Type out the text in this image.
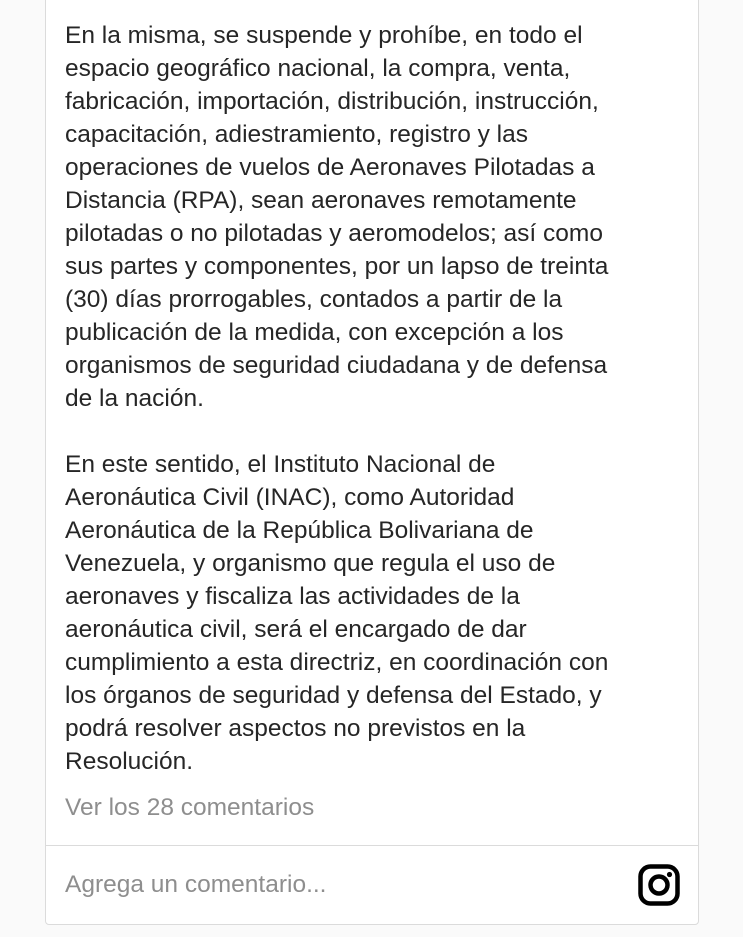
En la misma, se suspende y prohíbe, en todo el
espacio geográfico nacional, la compra, venta,
fabricación, importación, distribución, instrucción,
capacitación, adiestramiento, registro y las
operaciones de vuelos de Aeronaves Pilotadas a
Distancia (RPA), sean aeronaves remotamente
pilotadas o no pilotadas y aeromodelos; así como
sus partes y componentes, por un lapso de treinta
(30) días prorrogables, contados a partir de la
publicación de la medida, con excepción a los
organismos de seguridad ciudadana y de defensa
de la nación.

En este sentido, el Instituto Nacional de
Aeronáutica Civil (INAC), como Autoridad
Aeronáutica de la República Bolivariana de
Venezuela, y organismo que regula el uso de
aeronaves y fiscaliza las actividades de la
aeronáutica civil, será el encargado de dar
cumplimiento a esta directriz, en coordinación con
los órganos de seguridad y defensa del Estado, y
podrá resolver aspectos no previstos en la
Resolución.

Ver los 28 comentarios
Agrega un comentario...
